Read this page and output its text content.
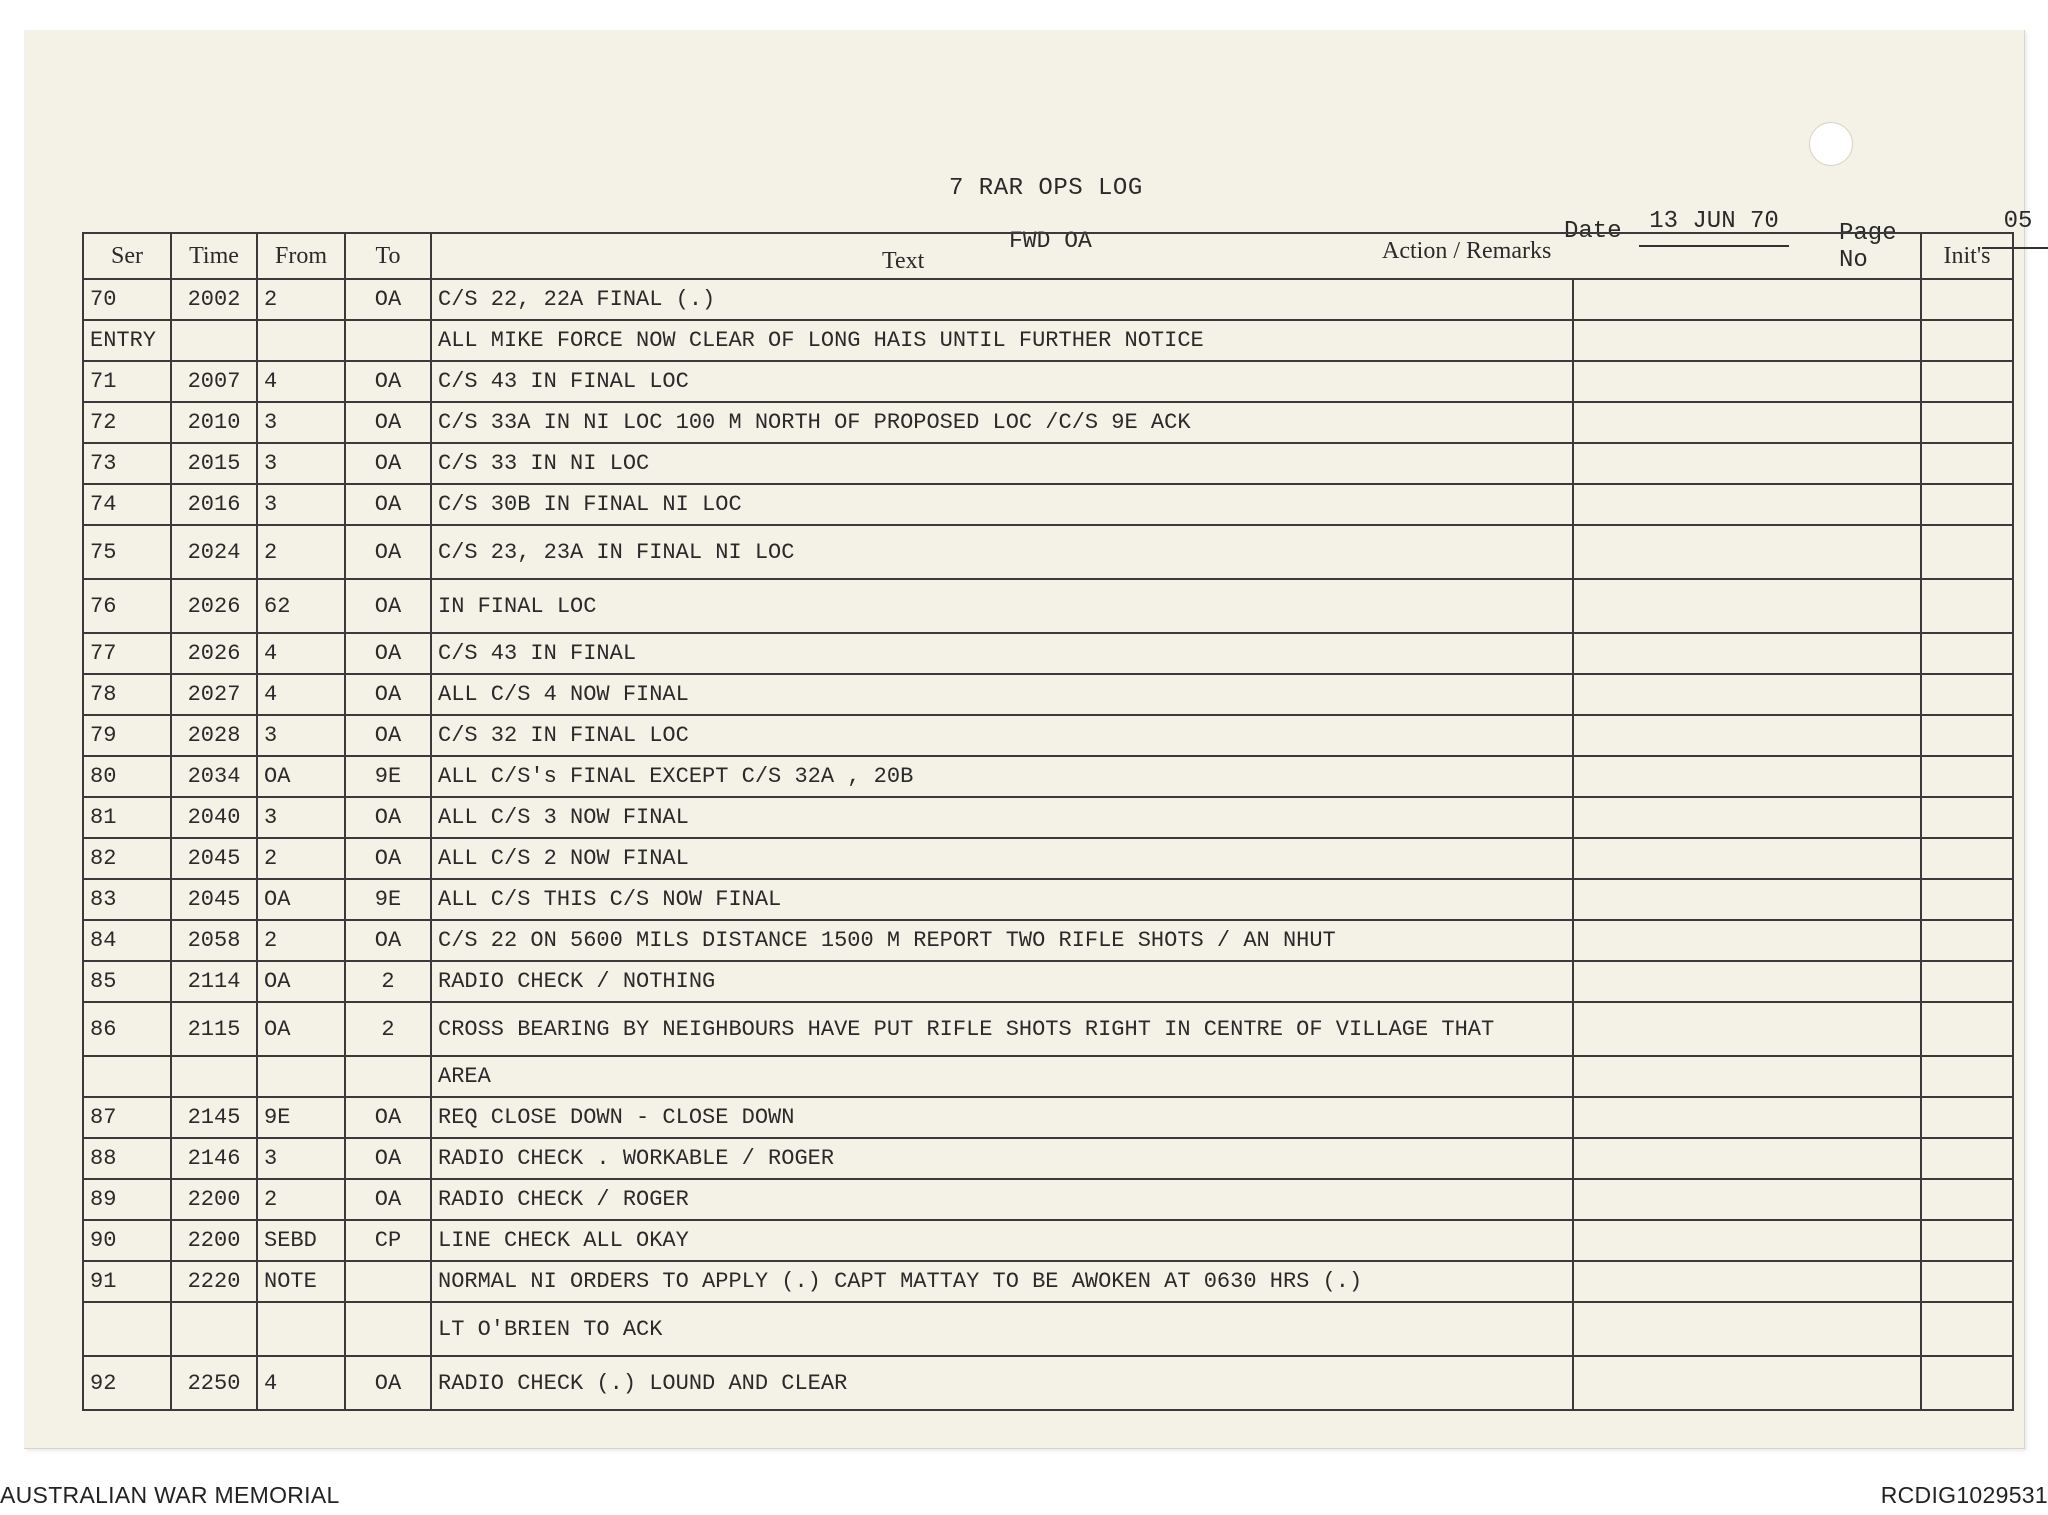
7 RAR OPS LOG
FWD OA	Date	13 JUN 70	Page No
05
Ser	Time	From	To	Text Action / Remarks		Init's
70	2002	2	OA	C/S 22, 22A FINAL (.)		
ENTRY				ALL MIKE FORCE NOW CLEAR OF LONG HAIS UNTIL FURTHER NOTICE		
71	2007	4	OA	C/S 43 IN FINAL LOC		
72	2010	3	OA	C/S 33A IN NI LOC 100 M NORTH OF PROPOSED LOC /C/S 9E ACK		
73	2015	3	OA	C/S 33 IN NI LOC		
74	2016	3	OA	C/S 30B IN FINAL NI LOC		
75	2024	2	OA	C/S 23, 23A IN FINAL NI LOC		
76	2026	62	OA	IN FINAL LOC		
77	2026	4	OA	C/S 43 IN FINAL		
78	2027	4	OA	ALL C/S 4 NOW FINAL		
79	2028	3	OA	C/S 32 IN FINAL LOC		
80	2034	OA	9E	ALL C/S's FINAL EXCEPT C/S 32A , 20B		
81	2040	3	OA	ALL C/S 3 NOW FINAL		
82	2045	2	OA	ALL C/S 2 NOW FINAL		
83	2045	OA	9E	ALL C/S THIS C/S NOW FINAL		
84	2058	2	OA	C/S 22 ON 5600 MILS DISTANCE 1500 M REPORT TWO RIFLE SHOTS / AN NHUT		
85	2114	OA	2	RADIO CHECK / NOTHING		
86	2115	OA	2	CROSS BEARING BY NEIGHBOURS HAVE PUT RIFLE SHOTS RIGHT IN CENTRE OF VILLAGE THAT		
				AREA		
87	2145	9E	OA	REQ CLOSE DOWN - CLOSE DOWN		
88	2146	3	OA	RADIO CHECK . WORKABLE / ROGER		
89	2200	2	OA	RADIO CHECK / ROGER		
90	2200	SEBD	CP	LINE CHECK ALL OKAY		
91	2220	NOTE		NORMAL NI ORDERS TO APPLY (.) CAPT MATTAY TO BE AWOKEN AT 0630 HRS (.)		
				LT O'BRIEN TO ACK		
92	2250	4	OA	RADIO CHECK (.) LOUND AND CLEAR		
AUSTRALIAN WAR MEMORIAL	RCDIG1029531
